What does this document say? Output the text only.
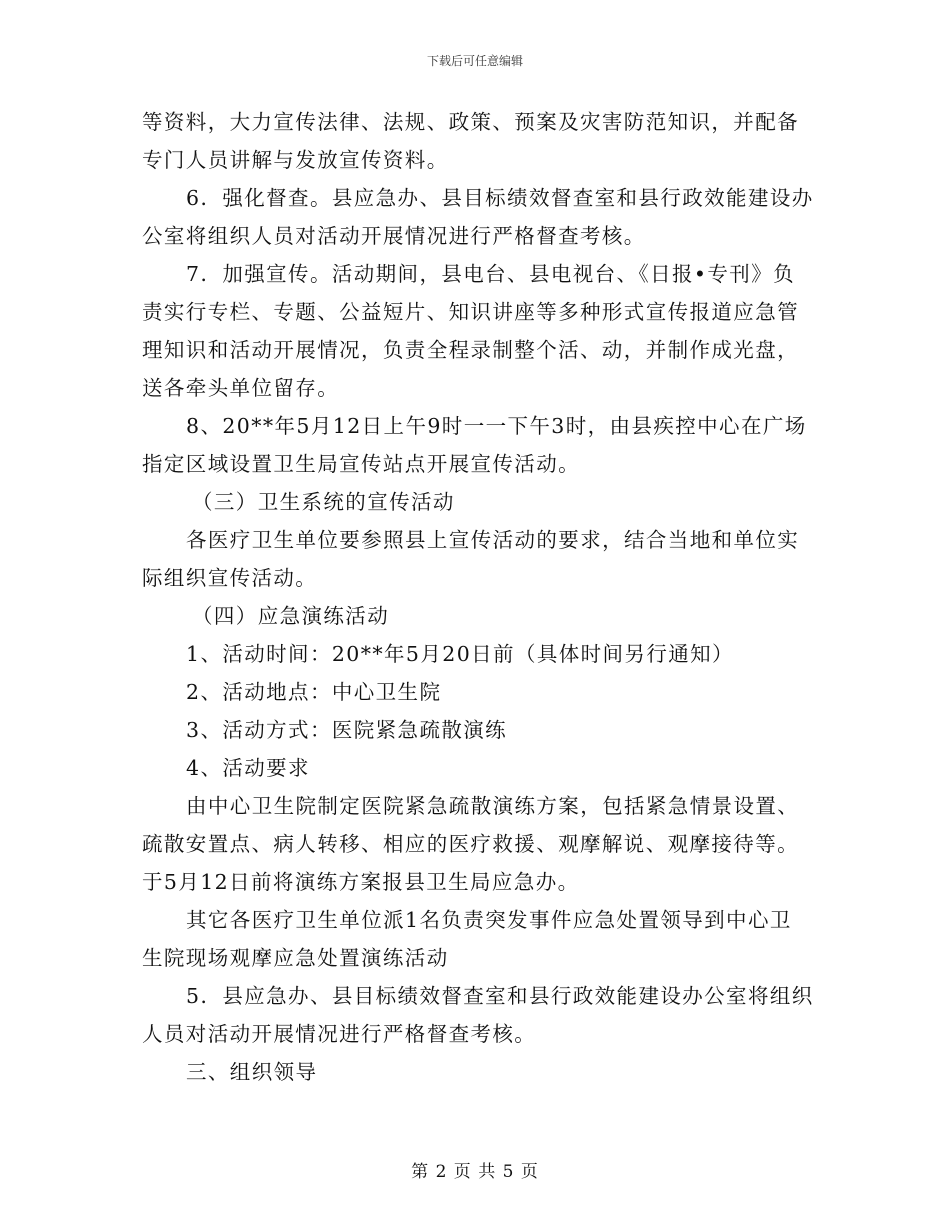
下载后可任意编辑
等资料，大力宣传法律、法规、政策、预案及灾害防范知识，并配备
专门人员讲解与发放宣传资料。
6．强化督查。县应急办、县目标绩效督查室和县行政效能建设办
公室将组织人员对活动开展情况进行严格督查考核。
7．加强宣传。活动期间，县电台、县电视台、《日报•专刊》负
责实行专栏、专题、公益短片、知识讲座等多种形式宣传报道应急管
理知识和活动开展情况，负责全程录制整个活、动，并制作成光盘，
送各牵头单位留存。
8、20**年5月12日上午9时一一下午3时，由县疾控中心在广场
指定区域设置卫生局宣传站点开展宣传活动。
（三）卫生系统的宣传活动
各医疗卫生单位要参照县上宣传活动的要求，结合当地和单位实
际组织宣传活动。
（四）应急演练活动
1、活动时间：20**年5月20日前（具体时间另行通知）
2、活动地点：中心卫生院
3、活动方式：医院紧急疏散演练
4、活动要求
由中心卫生院制定医院紧急疏散演练方案，包括紧急情景设置、
疏散安置点、病人转移、相应的医疗救援、观摩解说、观摩接待等。
于5月12日前将演练方案报县卫生局应急办。
其它各医疗卫生单位派1名负责突发事件应急处置领导到中心卫
生院现场观摩应急处置演练活动
5．县应急办、县目标绩效督查室和县行政效能建设办公室将组织
人员对活动开展情况进行严格督查考核。
三、组织领导
第 2 页 共 5 页
